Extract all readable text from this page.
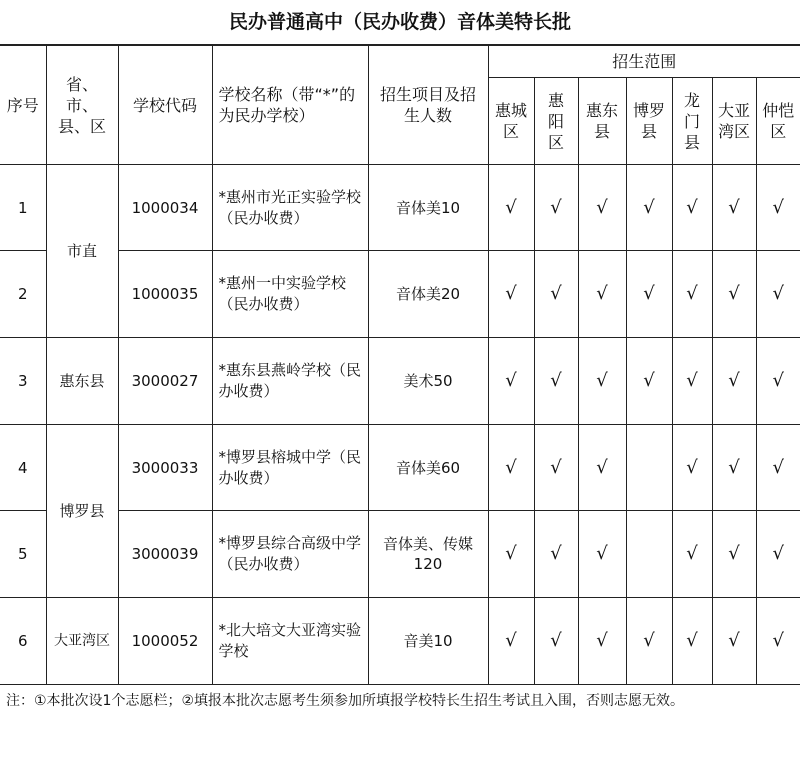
民办普通高中（民办收费）音体美特长批
序号	省、市、县、区	学校代码	学校名称（带“*”的为民办学校）	招生项目及招生人数	招生范围						
					惠城区	惠阳区	惠东县	博罗县	龙门县	大亚湾区	仲恺区
1	市直	1000034	*惠州市光正实验学校（民办收费）	音体美10	√	√	√	√	√	√	√
2		1000035	*惠州一中实验学校（民办收费）	音体美20	√	√	√	√	√	√	√
3	惠东县	3000027	*惠东县燕岭学校（民办收费）	美术50	√	√	√	√	√	√	√
4	博罗县	3000033	*博罗县榕城中学（民办收费）	音体美60	√	√	√		√	√	√
5		3000039	*博罗县综合高级中学（民办收费）	音体美、传媒120	√	√	√		√	√	√
6	大亚湾区	1000052	*北大培文大亚湾实验学校	音美10	√	√	√	√	√	√	√
注：①本批次设1个志愿栏；②填报本批次志愿考生须参加所填报学校特长生招生考试且入围，否则志愿无效。
